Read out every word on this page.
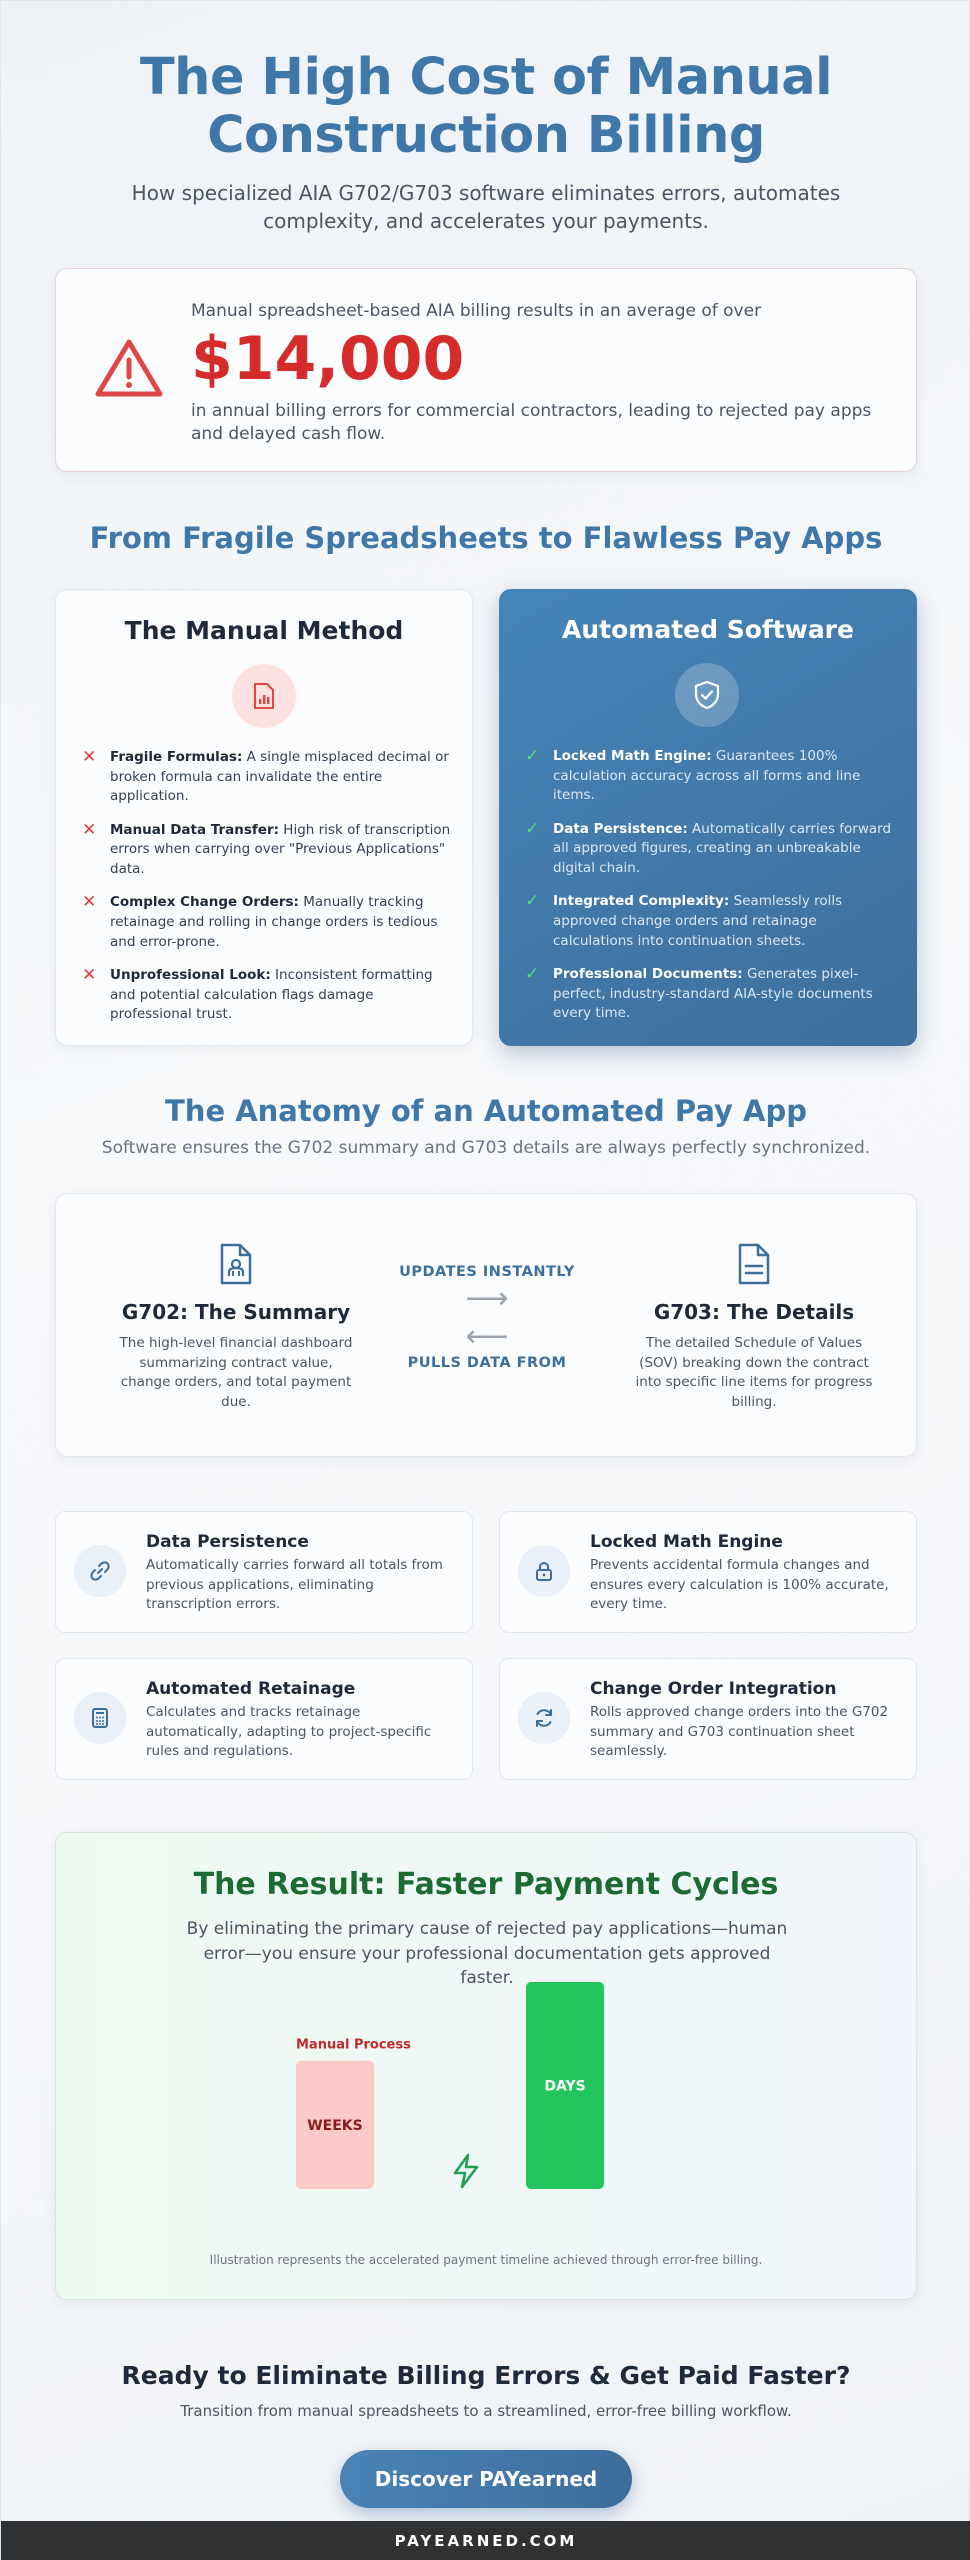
The High Cost of Manual
Construction Billing
How specialized AIA G702/G703 software eliminates errors, automates complexity, and accelerates your payments.
Manual spreadsheet-based AIA billing results in an average of over
$14,000
in annual billing errors for commercial contractors, leading to rejected pay apps and delayed cash flow.
From Fragile Spreadsheets to Flawless Pay Apps
The Manual Method
✕ Fragile Formulas: A single misplaced decimal or broken formula can invalidate the entire application.
✕ Manual Data Transfer: High risk of transcription errors when carrying over "Previous Applications" data.
✕ Complex Change Orders: Manually tracking retainage and rolling in change orders is tedious and error-prone.
✕ Unprofessional Look: Inconsistent formatting and potential calculation flags damage professional trust.
Automated Software
✓ Locked Math Engine: Guarantees 100% calculation accuracy across all forms and line items.
✓ Data Persistence: Automatically carries forward all approved figures, creating an unbreakable digital chain.
✓ Integrated Complexity: Seamlessly rolls approved change orders and retainage calculations into continuation sheets.
✓ Professional Documents: Generates pixel-perfect, industry-standard AIA-style documents every time.
The Anatomy of an Automated Pay App
Software ensures the G702 summary and G703 details are always perfectly synchronized.
G702: The Summary
The high-level financial dashboard summarizing contract value, change orders, and total payment due.
UPDATES INSTANTLY
⟶
⟵
PULLS DATA FROM
G703: The Details
The detailed Schedule of Values (SOV) breaking down the contract into specific line items for progress billing.
Data Persistence
Automatically carries forward all totals from previous applications, eliminating transcription errors.
Locked Math Engine
Prevents accidental formula changes and ensures every calculation is 100% accurate, every time.
Automated Retainage
Calculates and tracks retainage automatically, adapting to project-specific rules and regulations.
Change Order Integration
Rolls approved change orders into the G702 summary and G703 continuation sheet seamlessly.
The Result: Faster Payment Cycles
By eliminating the primary cause of rejected pay applications—human error—you ensure your professional documentation gets approved faster.
Manual Process
WEEKS
DAYS
Illustration represents the accelerated payment timeline achieved through error-free billing.
Ready to Eliminate Billing Errors & Get Paid Faster?
Transition from manual spreadsheets to a streamlined, error-free billing workflow.
Discover PAYearned
PAYEARNED.COM
